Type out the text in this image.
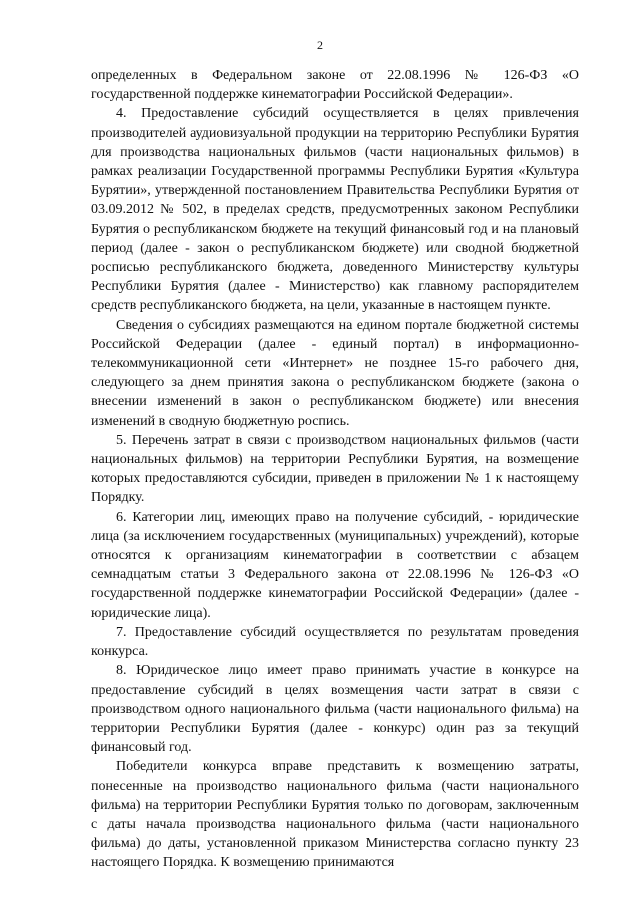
2

определенных в Федеральном законе от 22.08.1996 № 126-ФЗ «О государственной поддержке кинематографии Российской Федерации».

4. Предоставление субсидий осуществляется в целях привлечения производителей аудиовизуальной продукции на территорию Республики Бурятия для производства национальных фильмов (части национальных фильмов) в рамках реализации Государственной программы Республики Бурятия «Культура Бурятии», утвержденной постановлением Правительства Республики Бурятия от 03.09.2012 № 502, в пределах средств, предусмотренных законом Республики Бурятия о республиканском бюджете на текущий финансовый год и на плановый период (далее - закон о республиканском бюджете) или сводной бюджетной росписью республиканского бюджета, доведенного Министерству культуры Республики Бурятия (далее - Министерство) как главному распорядителем средств республиканского бюджета, на цели, указанные в настоящем пункте.

Сведения о субсидиях размещаются на едином портале бюджетной системы Российской Федерации (далее - единый портал) в информационно-телекоммуникационной сети «Интернет» не позднее 15-го рабочего дня, следующего за днем принятия закона о республиканском бюджете (закона о внесении изменений в закон о республиканском бюджете) или внесения изменений в сводную бюджетную роспись.

5. Перечень затрат в связи с производством национальных фильмов (части национальных фильмов) на территории Республики Бурятия, на возмещение которых предоставляются субсидии, приведен в приложении № 1 к настоящему Порядку.

6. Категории лиц, имеющих право на получение субсидий, - юридические лица (за исключением государственных (муниципальных) учреждений), которые относятся к организациям кинематографии в соответствии с абзацем семнадцатым статьи 3 Федерального закона от 22.08.1996 № 126-ФЗ «О государственной поддержке кинематографии Российской Федерации» (далее - юридические лица).

7. Предоставление субсидий осуществляется по результатам проведения конкурса.

8. Юридическое лицо имеет право принимать участие в конкурсе на предоставление субсидий в целях возмещения части затрат в связи с производством одного национального фильма (части национального фильма) на территории Республики Бурятия (далее - конкурс) один раз за текущий финансовый год.

Победители конкурса вправе представить к возмещению затраты, понесенные на производство национального фильма (части национального фильма) на территории Республики Бурятия только по договорам, заключенным с даты начала производства национального фильма (части национального фильма) до даты, установленной приказом Министерства согласно пункту 23 настоящего Порядка. К возмещению принимаются
